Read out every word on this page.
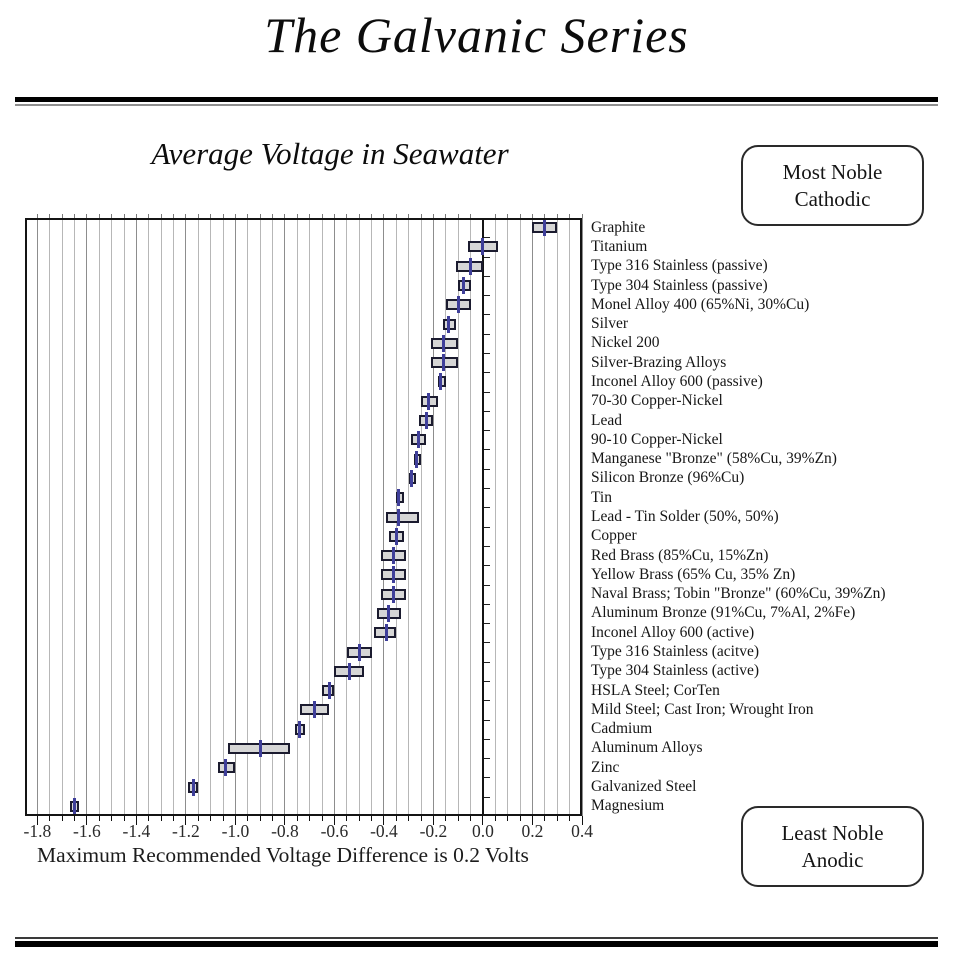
The Galvanic Series
Average Voltage in Seawater
Most Noble
Cathodic
-1.8	-1.6	-1.4	-1.2	-1.0	-0.8	-0.6	-0.4	-0.2	0.0	0.2	0.4
Graphite
Titanium
Type 316 Stainless (passive)
Type 304 Stainless (passive)
Monel Alloy 400 (65%Ni, 30%Cu)
Silver
Nickel 200
Silver-Brazing Alloys
Inconel Alloy 600 (passive)
70-30 Copper-Nickel
Lead
90-10 Copper-Nickel
Manganese "Bronze" (58%Cu, 39%Zn)
Silicon Bronze (96%Cu)
Tin
Lead - Tin Solder (50%, 50%)
Copper
Red Brass (85%Cu, 15%Zn)
Yellow Brass (65% Cu, 35% Zn)
Naval Brass; Tobin "Bronze" (60%Cu, 39%Zn)
Aluminum Bronze (91%Cu, 7%Al, 2%Fe)
Inconel Alloy 600 (active)
Type 316 Stainless (acitve)
Type 304 Stainless (active)
HSLA Steel; CorTen
Mild Steel; Cast Iron; Wrought Iron
Cadmium
Aluminum Alloys
Zinc
Galvanized Steel
Magnesium
Maximum Recommended Voltage Difference is 0.2 Volts
Least Noble
Anodic
